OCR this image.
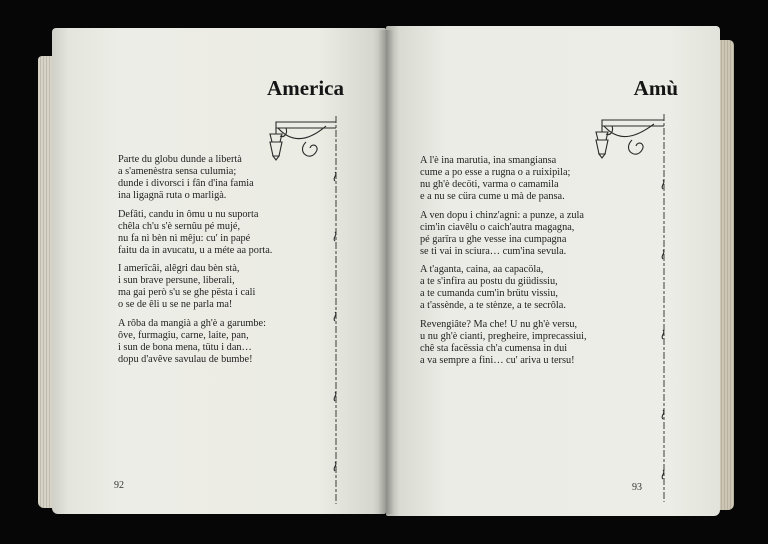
America
Parte du globu dunde a libertà
a s'amenèstra sensa culumia;
dunde i divorsci i fân d'ina famia
ina ligagnä ruta o marligà.
Defâti, candu in ômu u nu suporta
chêla ch'u s'è sernûu pé mujé,
nu fa nì bèn nì mêju: cu' in papé
faitu da in avucatu, u a méte aa porta.
I amerïcâi, alêgri dau bèn stà,
i sun brave persune, liberali,
ma gai però s'u se ghe pësta i cali
o se de êli u se ne parla ma!
A rôba da mangià a gh'è a garumbe:
ôve, furmagiu, carne, laite, pan,
i sun de bona mena, tütu i dan…
dopu d'avêve savulau de bumbe!
92
Amù
A l'è ina marutia, ina smangiansa
cume a po esse a rugna o a ruixipìla;
nu gh'è decöti, varma o camamila
e a nu se cüra cume u mà de pansa.
A ven dopu i chinz'agni: a punze, a zula
cim'in ciavêlu o caich'autra magagna,
pé garïra u ghe vesse ina cumpagna
se ti vai in sciura… cum'ina sevula.
A t'aganta, caina, aa capacöla,
a te s'infira au postu du giüdissiu,
a te cumanda cum'in brütu vissiu,
a t'assènde, a te stènze, a te secrôla.
Revengiâte? Ma che! U nu gh'è versu,
u nu gh'è cianti, pregheire, imprecassiui,
chê sta facëssia ch'a cumensa in dui
a va sempre a fini… cu' ariva u tersu!
93
